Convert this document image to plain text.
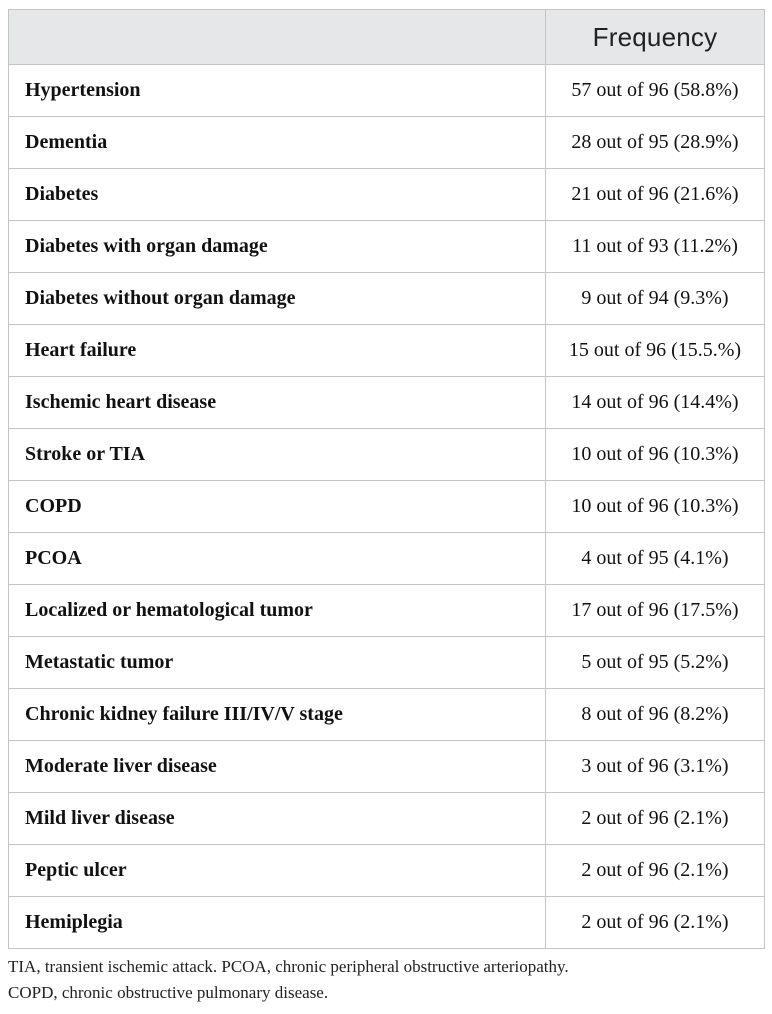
	Frequency
Hypertension	57 out of 96 (58.8%)
Dementia	28 out of 95 (28.9%)
Diabetes	21 out of 96 (21.6%)
Diabetes with organ damage	11 out of 93 (11.2%)
Diabetes without organ damage	9 out of 94 (9.3%)
Heart failure	15 out of 96 (15.5.%)
Ischemic heart disease	14 out of 96 (14.4%)
Stroke or TIA	10 out of 96 (10.3%)
COPD	10 out of 96 (10.3%)
PCOA	4 out of 95 (4.1%)
Localized or hematological tumor	17 out of 96 (17.5%)
Metastatic tumor	5 out of 95 (5.2%)
Chronic kidney failure III/IV/V stage	8 out of 96 (8.2%)
Moderate liver disease	3 out of 96 (3.1%)
Mild liver disease	2 out of 96 (2.1%)
Peptic ulcer	2 out of 96 (2.1%)
Hemiplegia	2 out of 96 (2.1%)
TIA, transient ischemic attack. PCOA, chronic peripheral obstructive arteriopathy.
COPD, chronic obstructive pulmonary disease.
